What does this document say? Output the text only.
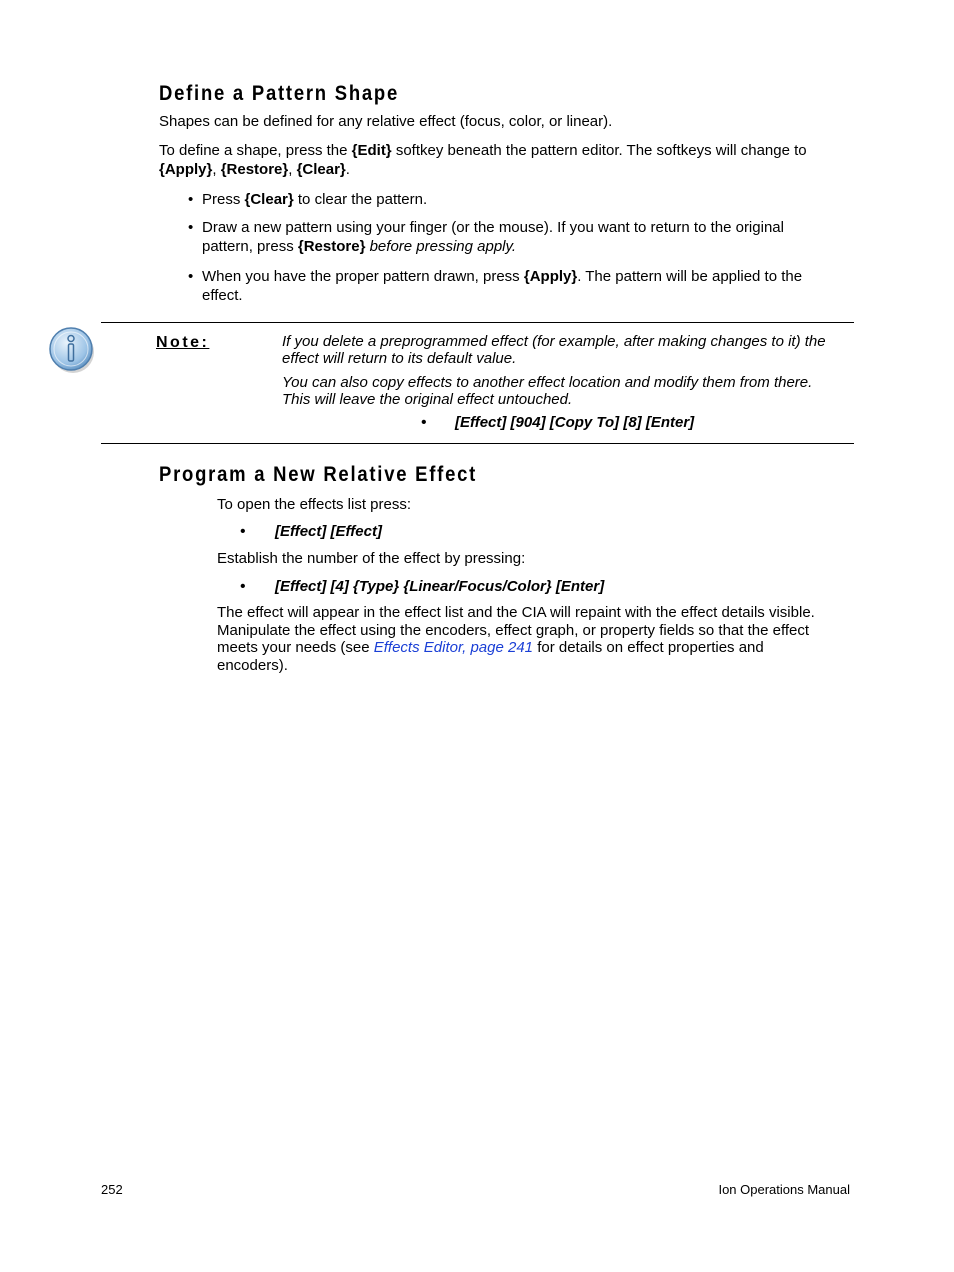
Define a Pattern Shape

Shapes can be defined for any relative effect (focus, color, or linear).

To define a shape, press the {Edit} softkey beneath the pattern editor. The softkeys will change to
{Apply}, {Restore}, {Clear}.

• Press {Clear} to clear the pattern.
• Draw a new pattern using your finger (or the mouse). If you want to return to the original
pattern, press {Restore} before pressing apply.
• When you have the proper pattern drawn, press {Apply}. The pattern will be applied to the
effect.
Note:	If you delete a preprogrammed effect (for example, after making changes to it) the
effect will return to its default value.
You can also copy effects to another effect location and modify them from there.
This will leave the original effect untouched.
• [Effect] [904] [Copy To] [8] [Enter]
Program a New Relative Effect

To open the effects list press:

• [Effect] [Effect]

Establish the number of the effect by pressing:

• [Effect] [4] {Type} {Linear/Focus/Color} [Enter]

The effect will appear in the effect list and the CIA will repaint with the effect details visible.
Manipulate the effect using the encoders, effect graph, or property fields so that the effect
meets your needs (see Effects Editor, page 241 for details on effect properties and
encoders).

252	Ion Operations Manual
